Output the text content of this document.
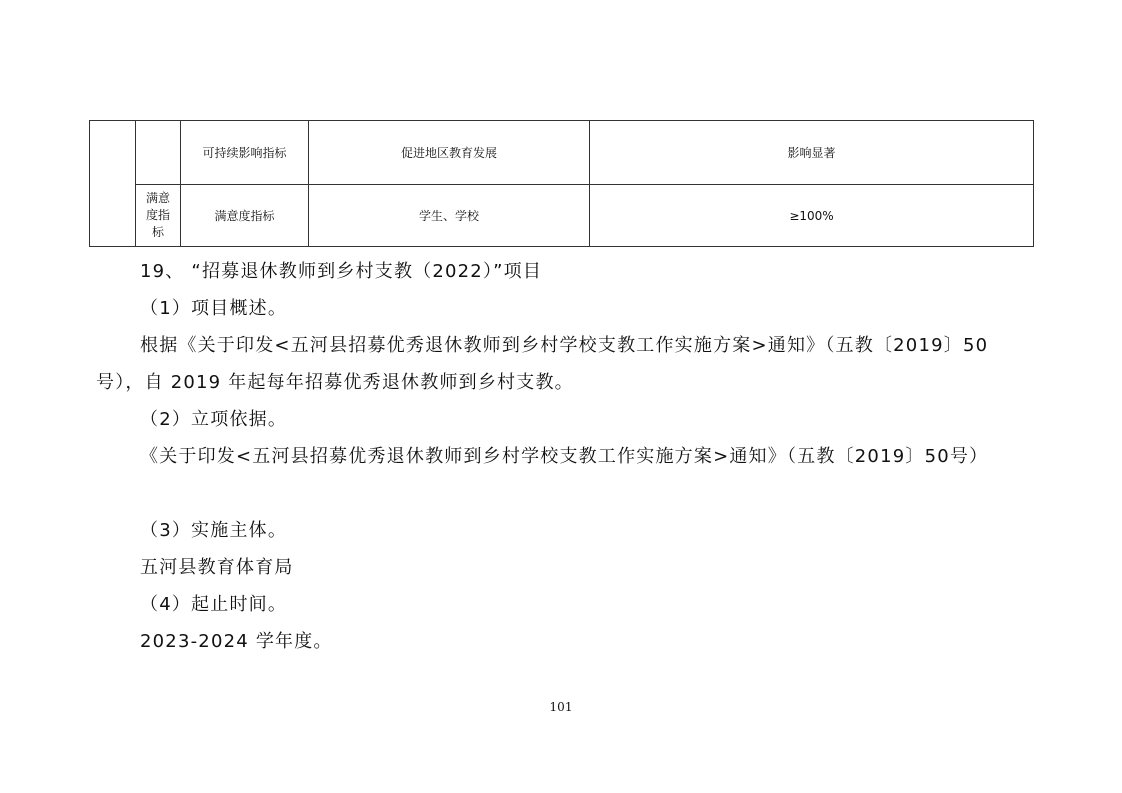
		可持续影响指标	促进地区教育发展	影响显著
	满意度指标	满意度指标	学生、学校	≥100%

19、 “招募退休教师到乡村支教（2022）”项目

（1）项目概述。

根据《关于印发<五河县招募优秀退休教师到乡村学校支教工作实施方案>通知》（五教〔2019〕50号），自 2019 年起每年招募优秀退休教师到乡村支教。

（2）立项依据。

《关于印发<五河县招募优秀退休教师到乡村学校支教工作实施方案>通知》（五教〔2019〕50号）

（3）实施主体。

五河县教育体育局

（4）起止时间。

2023-2024 学年度。

101
